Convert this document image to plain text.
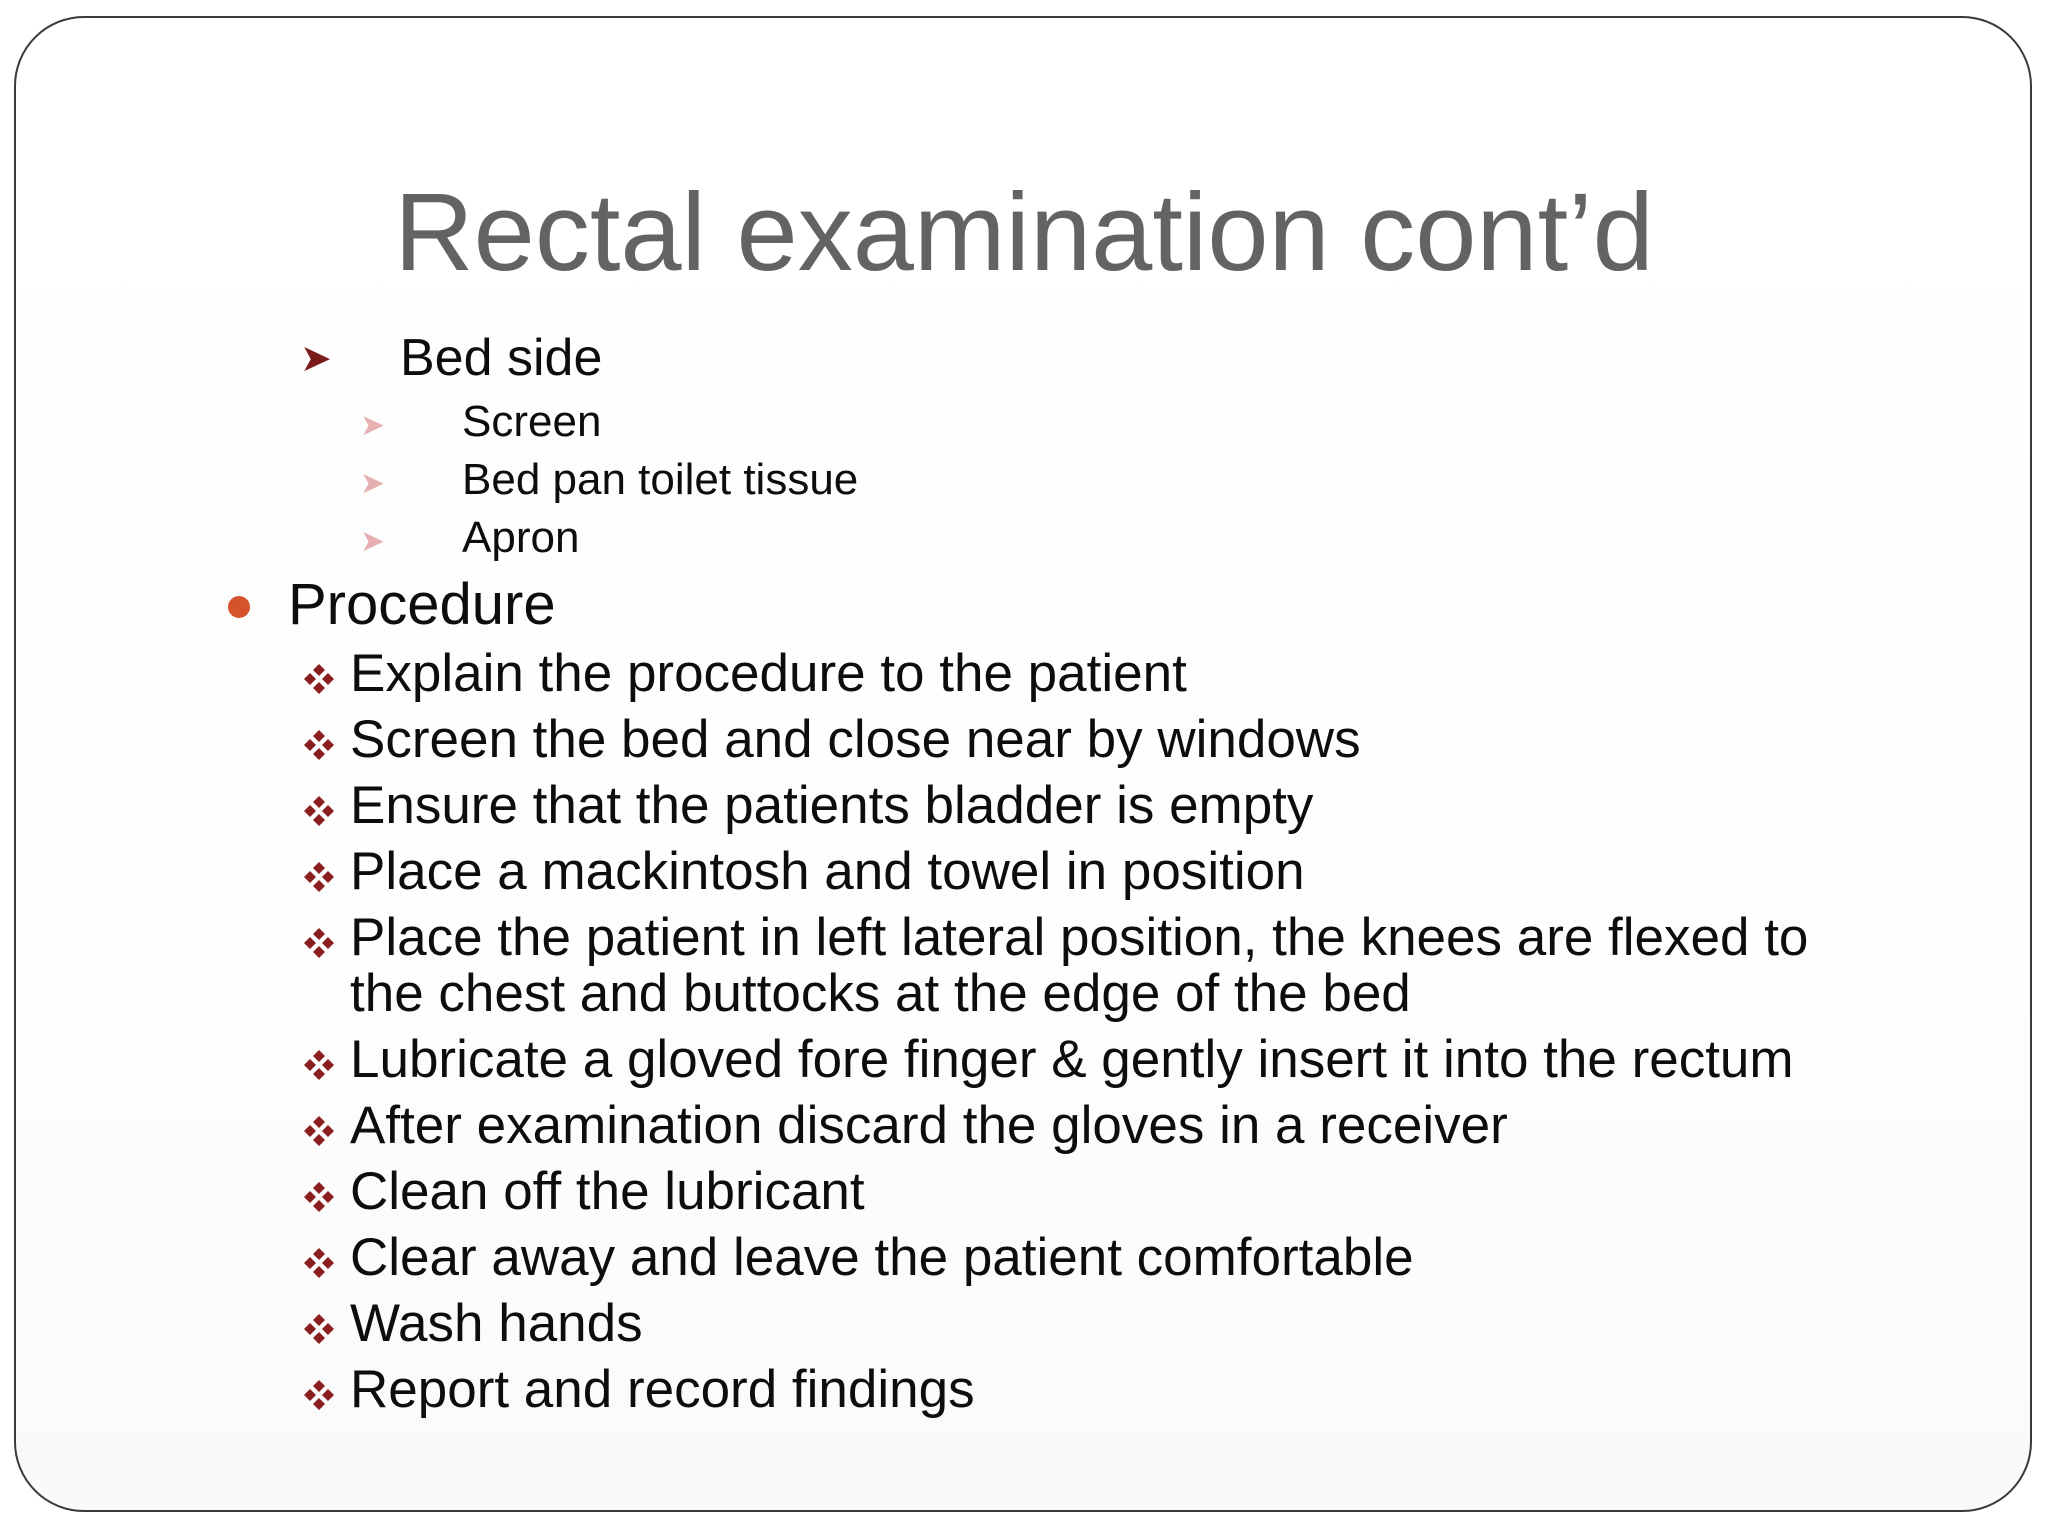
Rectal examination cont’d
➤ Bed side
➤ Screen
➤ Bed pan toilet tissue
➤ Apron
Procedure
Explain the procedure to the patient
Screen the bed and close near by windows
Ensure that the patients bladder is empty
Place a mackintosh and towel in position
Place the patient in left lateral position, the knees are flexed to
the chest and buttocks at the edge of the bed
Lubricate a gloved fore finger & gently insert it into the rectum
After examination discard the gloves in a receiver
Clean off the lubricant
Clear away and leave the patient comfortable
Wash hands
Report and record findings
